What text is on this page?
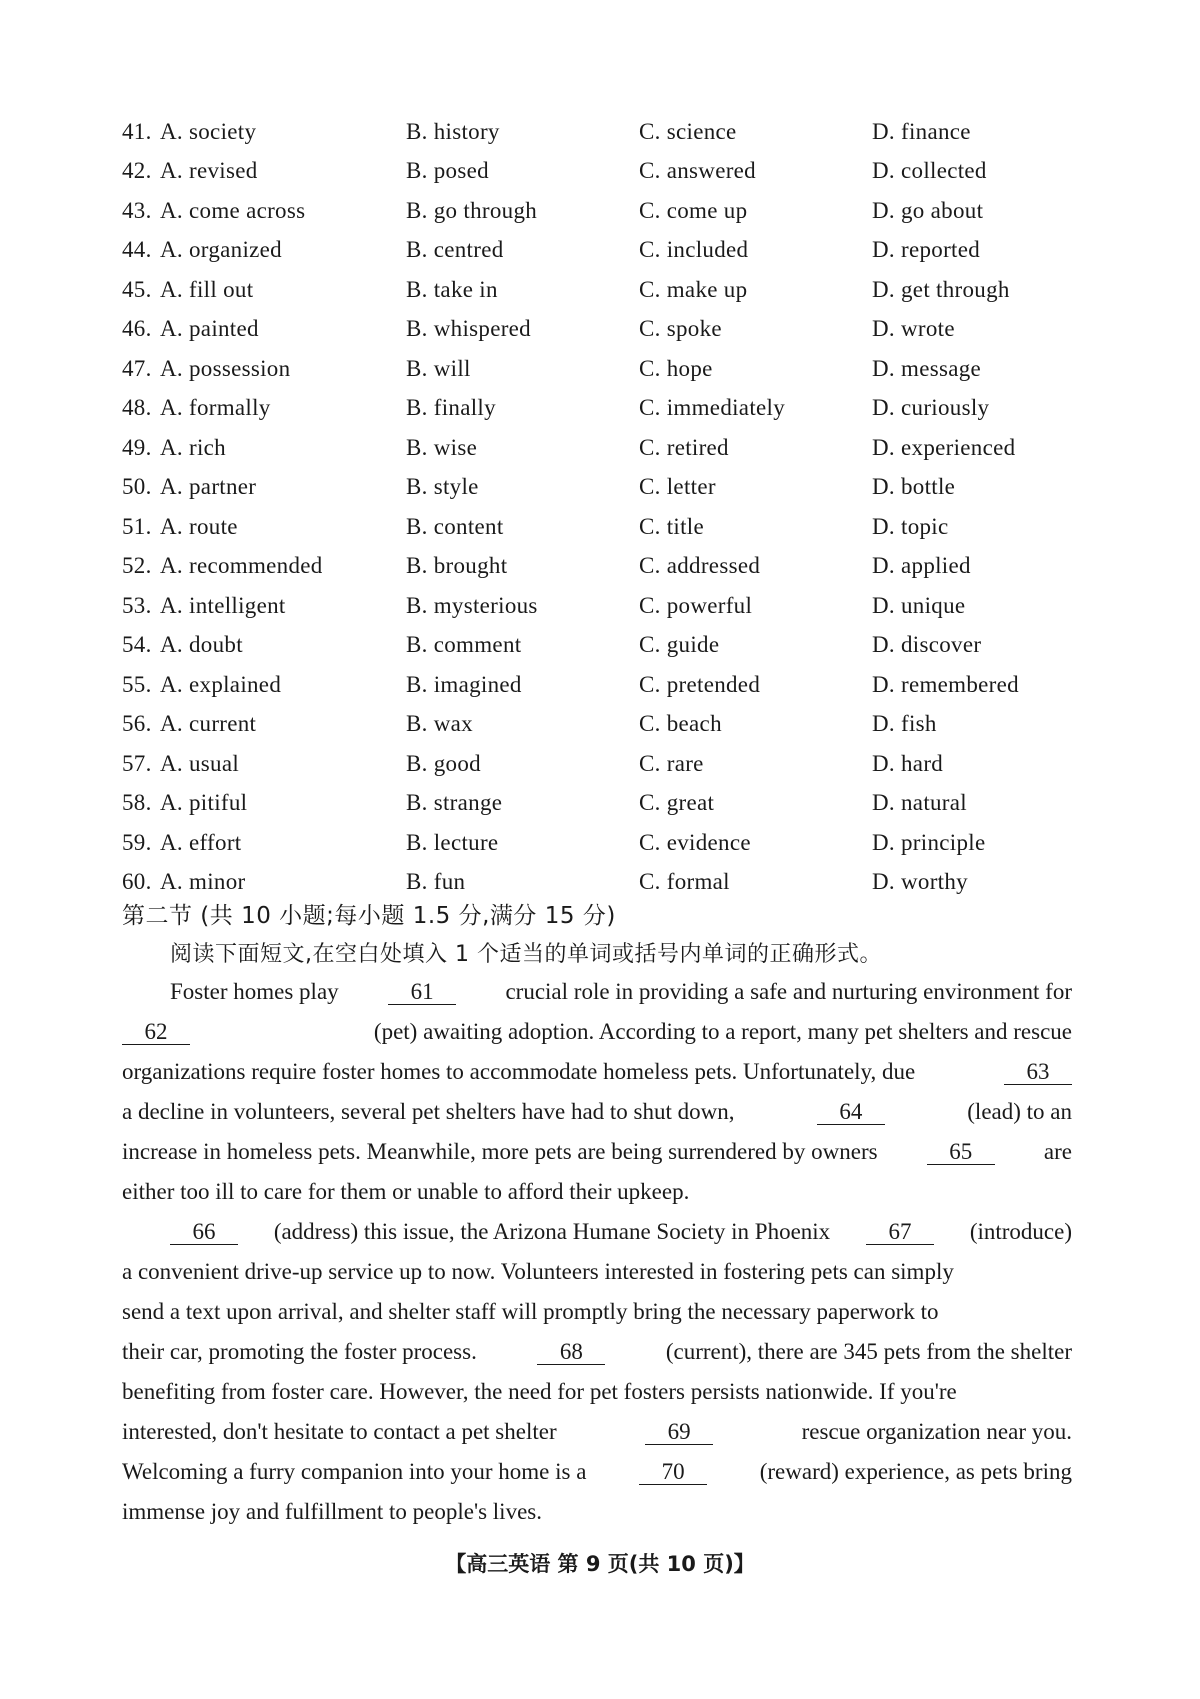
41. A. society	B. history	C. science	D. finance
42. A. revised	B. posed	C. answered	D. collected
43. A. come across	B. go through	C. come up	D. go about
44. A. organized	B. centred	C. included	D. reported
45. A. fill out	B. take in	C. make up	D. get through
46. A. painted	B. whispered	C. spoke	D. wrote
47. A. possession	B. will	C. hope	D. message
48. A. formally	B. finally	C. immediately	D. curiously
49. A. rich	B. wise	C. retired	D. experienced
50. A. partner	B. style	C. letter	D. bottle
51. A. route	B. content	C. title	D. topic
52. A. recommended	B. brought	C. addressed	D. applied
53. A. intelligent	B. mysterious	C. powerful	D. unique
54. A. doubt	B. comment	C. guide	D. discover
55. A. explained	B. imagined	C. pretended	D. remembered
56. A. current	B. wax	C. beach	D. fish
57. A. usual	B. good	C. rare	D. hard
58. A. pitiful	B. strange	C. great	D. natural
59. A. effort	B. lecture	C. evidence	D. principle
60. A. minor	B. fun	C. formal	D. worthy
第二节 (共 10 小题;每小题 1.5 分,满分 15 分)
阅读下面短文,在空白处填入 1 个适当的单词或括号内单词的正确形式。
Foster homes play	61	crucial role in providing a safe and nurturing environment for
62	(pet) awaiting adoption. According to a report, many pet shelters and rescue
organizations require foster homes to accommodate homeless pets. Unfortunately, due	63
a decline in volunteers, several pet shelters have had to shut down,	64	(lead) to an
increase in homeless pets. Meanwhile, more pets are being surrendered by owners	65	are
either too ill to care for them or unable to afford their upkeep.
66	(address) this issue, the Arizona Humane Society in Phoenix	67	(introduce)
a convenient drive-up service up to now. Volunteers interested in fostering pets can simply
send a text upon arrival, and shelter staff will promptly bring the necessary paperwork to
their car, promoting the foster process.	68	(current), there are 345 pets from the shelter
benefiting from foster care. However, the need for pet fosters persists nationwide. If you're
interested, don't hesitate to contact a pet shelter	69	rescue organization near you.
Welcoming a furry companion into your home is a	70	(reward) experience, as pets bring
immense joy and fulfillment to people's lives.
【高三英语 第 9 页(共 10 页)】
